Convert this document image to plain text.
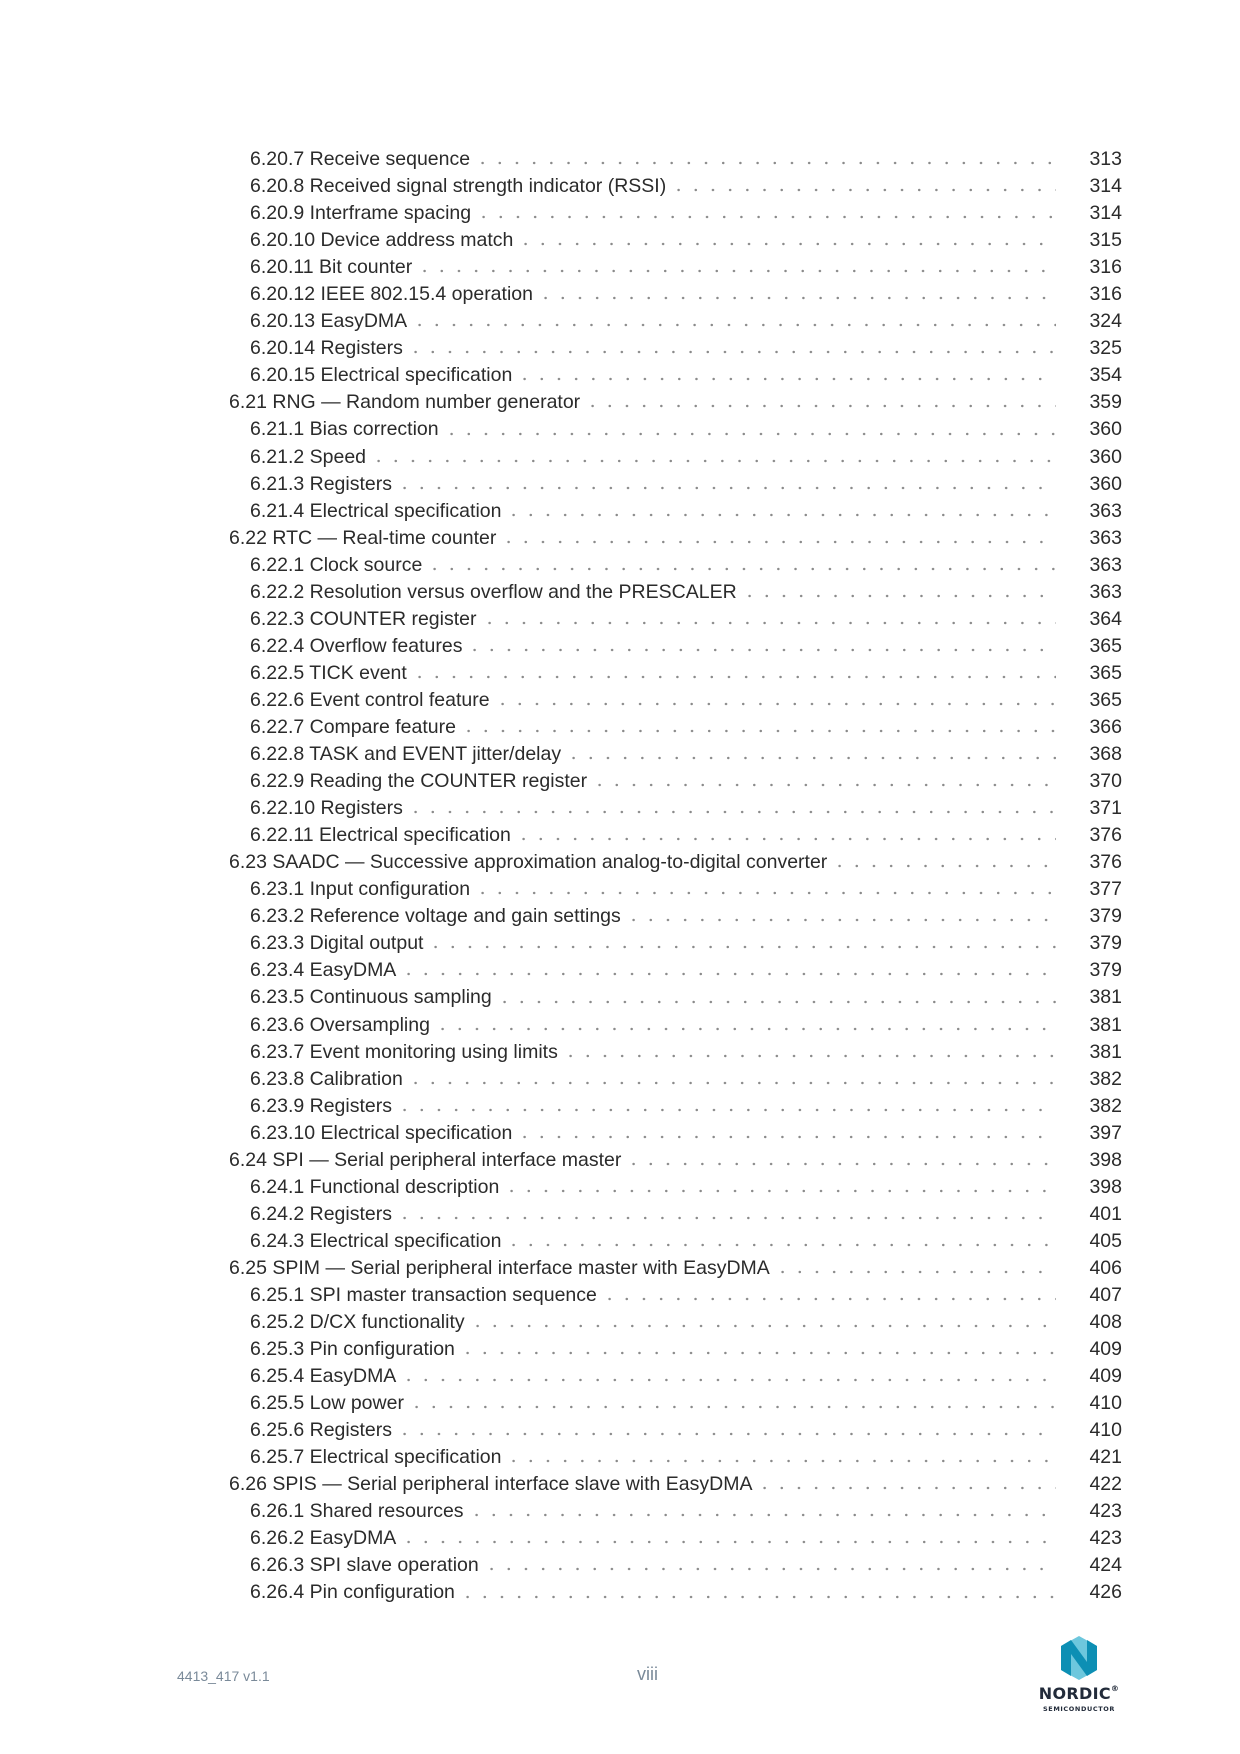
6.20.7 Receive sequence	313
6.20.8 Received signal strength indicator (RSSI)	314
6.20.9 Interframe spacing	314
6.20.10 Device address match	315
6.20.11 Bit counter	316
6.20.12 IEEE 802.15.4 operation	316
6.20.13 EasyDMA	324
6.20.14 Registers	325
6.20.15 Electrical specification	354
6.21 RNG — Random number generator	359
6.21.1 Bias correction	360
6.21.2 Speed	360
6.21.3 Registers	360
6.21.4 Electrical specification	363
6.22 RTC — Real-time counter	363
6.22.1 Clock source	363
6.22.2 Resolution versus overflow and the PRESCALER	363
6.22.3 COUNTER register	364
6.22.4 Overflow features	365
6.22.5 TICK event	365
6.22.6 Event control feature	365
6.22.7 Compare feature	366
6.22.8 TASK and EVENT jitter/delay	368
6.22.9 Reading the COUNTER register	370
6.22.10 Registers	371
6.22.11 Electrical specification	376
6.23 SAADC — Successive approximation analog-to-digital converter	376
6.23.1 Input configuration	377
6.23.2 Reference voltage and gain settings	379
6.23.3 Digital output	379
6.23.4 EasyDMA	379
6.23.5 Continuous sampling	381
6.23.6 Oversampling	381
6.23.7 Event monitoring using limits	381
6.23.8 Calibration	382
6.23.9 Registers	382
6.23.10 Electrical specification	397
6.24 SPI — Serial peripheral interface master	398
6.24.1 Functional description	398
6.24.2 Registers	401
6.24.3 Electrical specification	405
6.25 SPIM — Serial peripheral interface master with EasyDMA	406
6.25.1 SPI master transaction sequence	407
6.25.2 D/CX functionality	408
6.25.3 Pin configuration	409
6.25.4 EasyDMA	409
6.25.5 Low power	410
6.25.6 Registers	410
6.25.7 Electrical specification	421
6.26 SPIS — Serial peripheral interface slave with EasyDMA	422
6.26.1 Shared resources	423
6.26.2 EasyDMA	423
6.26.3 SPI slave operation	424
6.26.4 Pin configuration	426
4413_417 v1.1	viii
NORDIC®
SEMICONDUCTOR
